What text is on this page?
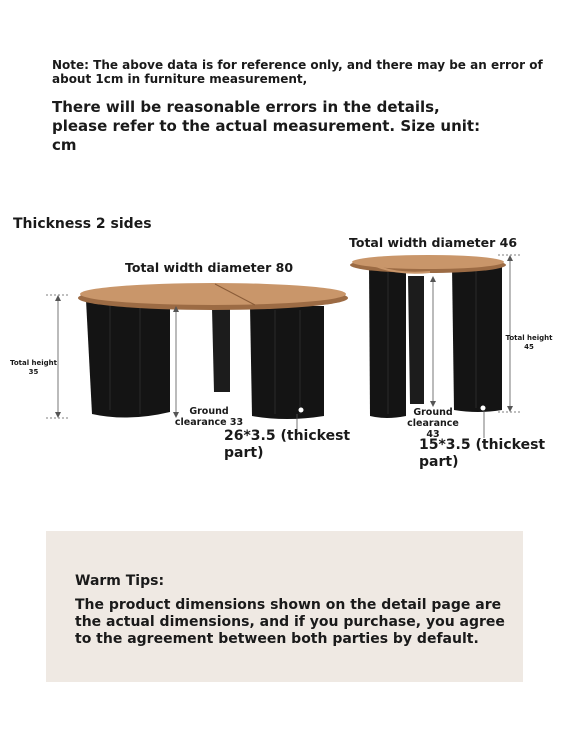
Note: The above data is for reference only, and there may be an error of about 1cm in furniture measurement,
There will be reasonable errors in the details, please refer to the actual measurement. Size unit: cm
Thickness 2 sides
Total width diameter 80
Total height 35
Ground clearance 33
26*3.5 (thickest part)
Total width diameter 46
Total height 45
Ground clearance 43
15*3.5 (thickest part)
Warm Tips:
The product dimensions shown on the detail page are the actual dimensions, and if you purchase, you agree to the agreement between both parties by default.
